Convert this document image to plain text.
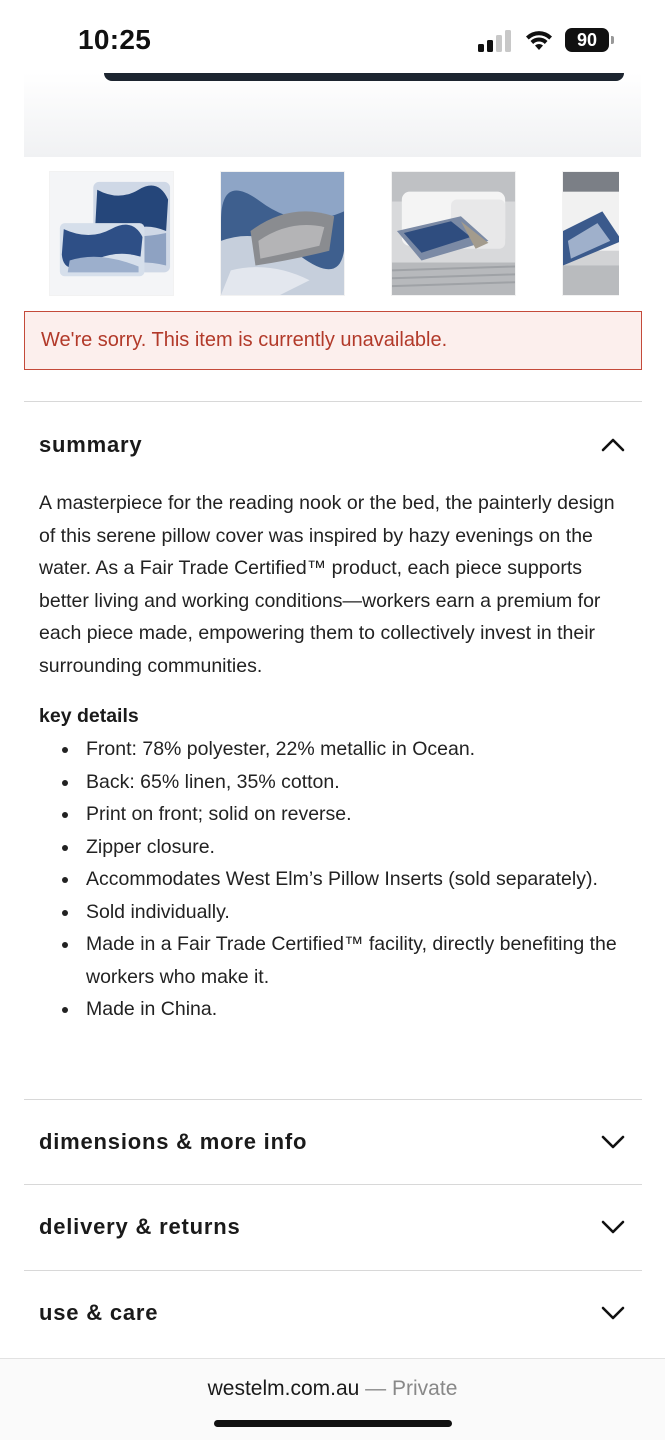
10:25	90
We're sorry. This item is currently unavailable.
summary
A masterpiece for the reading nook or the bed, the painterly design of this serene pillow cover was inspired by hazy evenings on the water. As a Fair Trade Certified™ product, each piece supports better living and working conditions—workers earn a premium for each piece made, empowering them to collectively invest in their surrounding communities.
key details
Front: 78% polyester, 22% metallic in Ocean.
Back: 65% linen, 35% cotton.
Print on front; solid on reverse.
Zipper closure.
Accommodates West Elm’s Pillow Inserts (sold separately).
Sold individually.
Made in a Fair Trade Certified™ facility, directly benefiting the workers who make it.
Made in China.
dimensions & more info
delivery & returns
use & care
westelm.com.au — Private
